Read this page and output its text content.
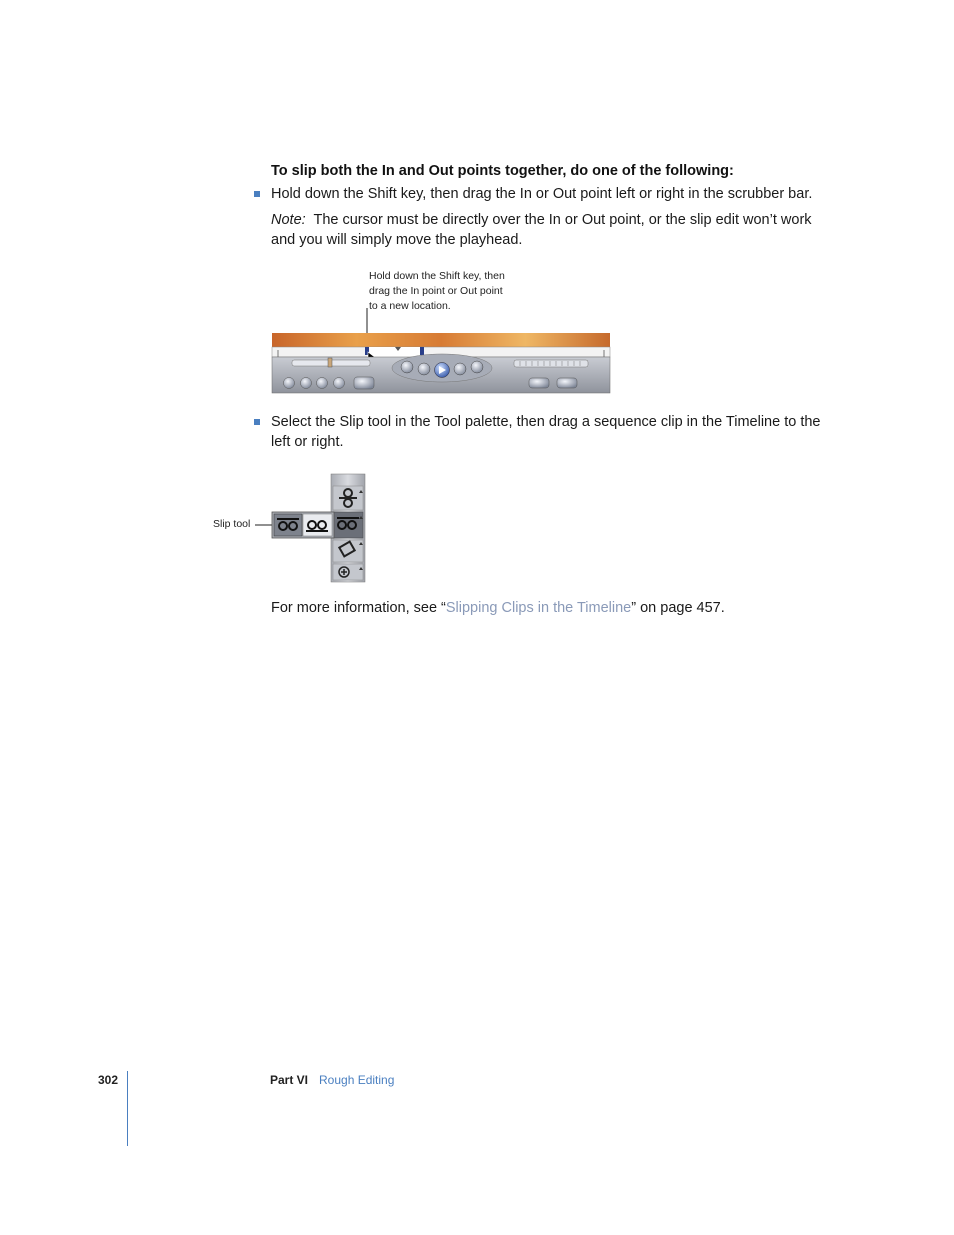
To slip both the In and Out points together, do one of the following:
Hold down the Shift key, then drag the In or Out point left or right in the scrubber bar.
Note: The cursor must be directly over the In or Out point, or the slip edit won’t work
and you will simply move the playhead.
Hold down the Shift key, then
drag the In point or Out point
to a new location.
Select the Slip tool in the Tool palette, then drag a sequence clip in the Timeline to the
left or right.
Slip tool
For more information, see “Slipping Clips in the Timeline” on page 457.
302	Part VI Rough Editing
